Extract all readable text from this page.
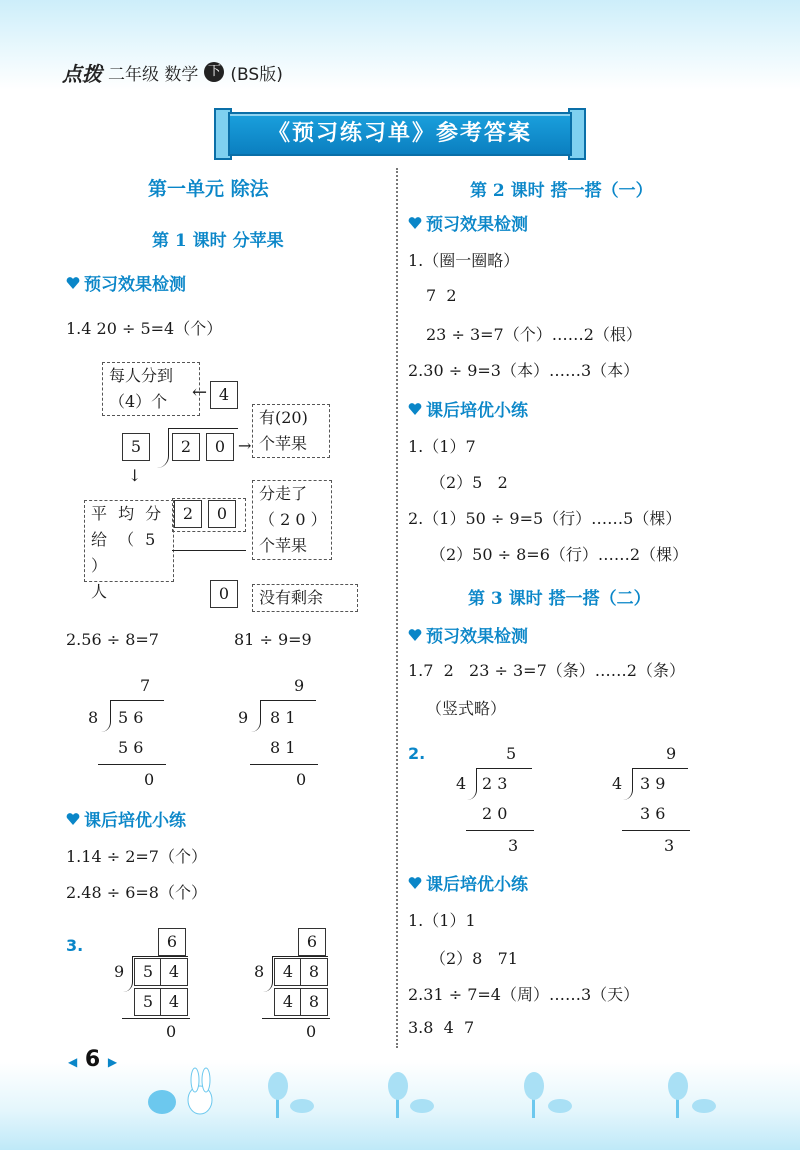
点拨 二年级 数学 下 (BS版)
《预习练习单》参考答案
第一单元 除法
第 1 课时 分苹果
预习效果检测
1.4 20 ÷ 5=4（个）
每人分到
（4）个	← 4
有(20)
个苹果
5	2	0 →
↓
平 均 分
给 （ 5 ）
人
2	0
分走了
（ 2 0 ）
个苹果
0	没有剩余
2.56 ÷ 8=7	81 ÷ 9=9
7
8 5 6
5 6
0
9
9 8 1
8 1
0
课后培优小练
1.14 ÷ 2=7（个）
2.48 ÷ 6=8（个）
3.	6
9	5 4
5 4
0
6
8	4 8
4 8
0
第 2 课时 搭一搭（一）
预习效果检测
1.（圈一圈略）
7  2
23 ÷ 3=7（个）……2（根）
2.30 ÷ 9=3（本）……3（本）
课后培优小练
1.（1）7
（2）5   2
2.（1）50 ÷ 9=5（行）……5（棵）
（2）50 ÷ 8=6（行）……2（棵）
第 3 课时 搭一搭（二）
预习效果检测
1.7  2   23 ÷ 3=7（条）……2（条）
（竖式略）
2.	5
4 2 3
2 0
3
9
4 3 9
3 6
3
课后培优小练
1.（1）1
（2）8   71
2.31 ÷ 7=4（周）……3（天）
3.8  4  7
◀ 6 ▶
